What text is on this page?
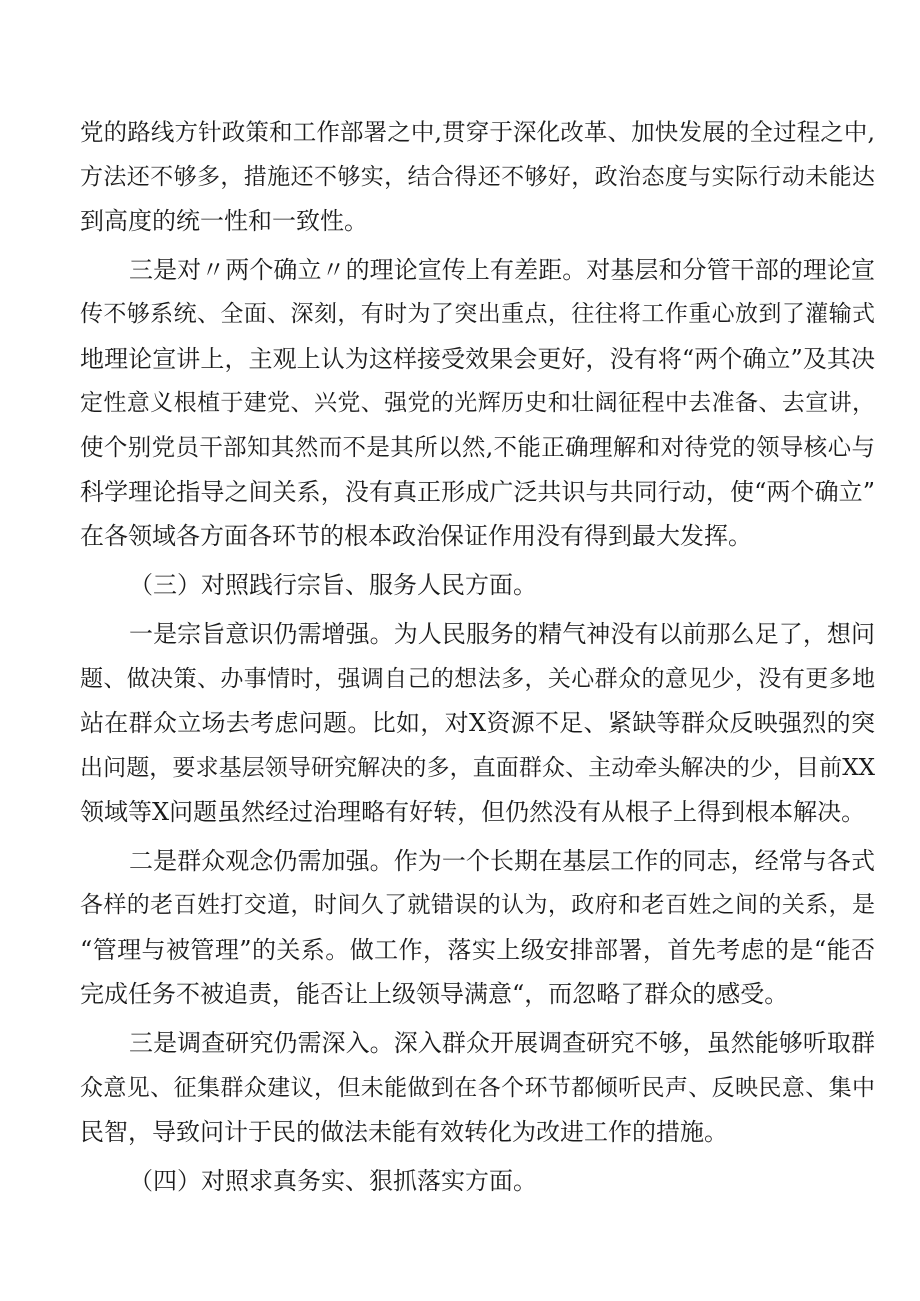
党的路线方针政策和工作部署之中,贯穿于深化改革、加快发展的全过程之中,
方法还不够多，措施还不够实，结合得还不够好，政治态度与实际行动未能达
到高度的统一性和一致性。
三是对〃两个确立〃的理论宣传上有差距。对基层和分管干部的理论宣
传不够系统、全面、深刻，有时为了突出重点，往往将工作重心放到了灌输式
地理论宣讲上，主观上认为这样接受效果会更好，没有将“两个确立”及其决
定性意义根植于建党、兴党、强党的光辉历史和壮阔征程中去准备、去宣讲，
使个别党员干部知其然而不是其所以然,不能正确理解和对待党的领导核心与
科学理论指导之间关系，没有真正形成广泛共识与共同行动，使“两个确立”
在各领域各方面各环节的根本政治保证作用没有得到最大发挥。
（三）对照践行宗旨、服务人民方面。
一是宗旨意识仍需增强。为人民服务的精气神没有以前那么足了，想问
题、做决策、办事情时，强调自己的想法多，关心群众的意见少，没有更多地
站在群众立场去考虑问题。比如，对X资源不足、紧缺等群众反映强烈的突
出问题，要求基层领导研究解决的多，直面群众、主动牵头解决的少，目前XX
领域等X问题虽然经过治理略有好转，但仍然没有从根子上得到根本解决。
二是群众观念仍需加强。作为一个长期在基层工作的同志，经常与各式
各样的老百姓打交道，时间久了就错误的认为，政府和老百姓之间的关系，是
“管理与被管理”的关系。做工作，落实上级安排部署，首先考虑的是“能否
完成任务不被追责，能否让上级领导满意“，而忽略了群众的感受。
三是调查研究仍需深入。深入群众开展调查研究不够，虽然能够听取群
众意见、征集群众建议，但未能做到在各个环节都倾听民声、反映民意、集中
民智，导致问计于民的做法未能有效转化为改进工作的措施。
（四）对照求真务实、狠抓落实方面。
